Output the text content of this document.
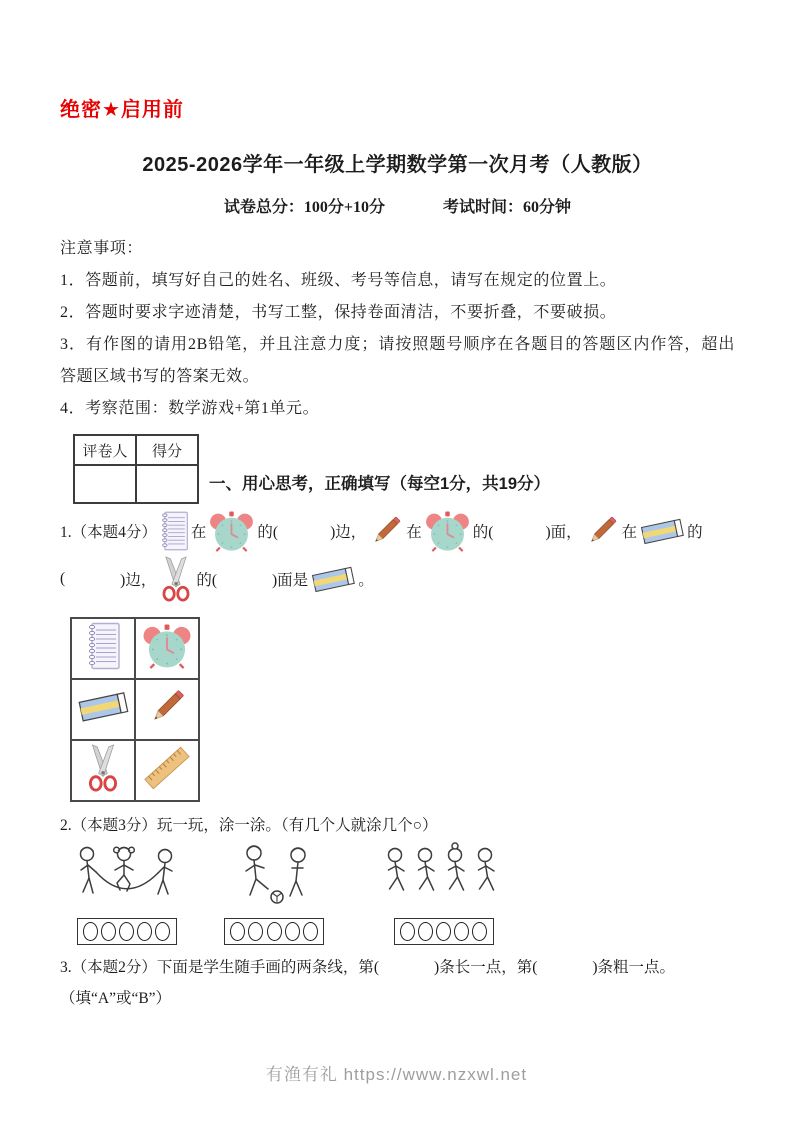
绝密★启用前
2025-2026学年一年级上学期数学第一次月考（人教版）
试卷总分：100分+10分	考试时间：60分钟

注意事项：

1．答题前，填写好自己的姓名、班级、考号等信息，请写在规定的位置上。

2．答题时要求字迹清楚，书写工整，保持卷面清洁，不要折叠，不要破损。

3．有作图的请用2B铅笔，并且注意力度；请按照题号顺序在各题目的答题区内作答，超出答题区域书写的答案无效。

4．考察范围：数学游戏+第1单元。

评卷人	得分

一、用心思考，正确填写（每空1分，共19分）
1.（本题4分） 在	的(	)边，	在	的(	)面，	在	的
(	)边，	的(	)面是	。

2.（本题3分）玩一玩，涂一涂。（有几个人就涂几个○）

3.（本题2分）下面是学生随手画的两条线，第(	)条长一点，第(	)条粗一点。

（填“A”或“B”）

有渔有礼 https://www.nzxwl.net
